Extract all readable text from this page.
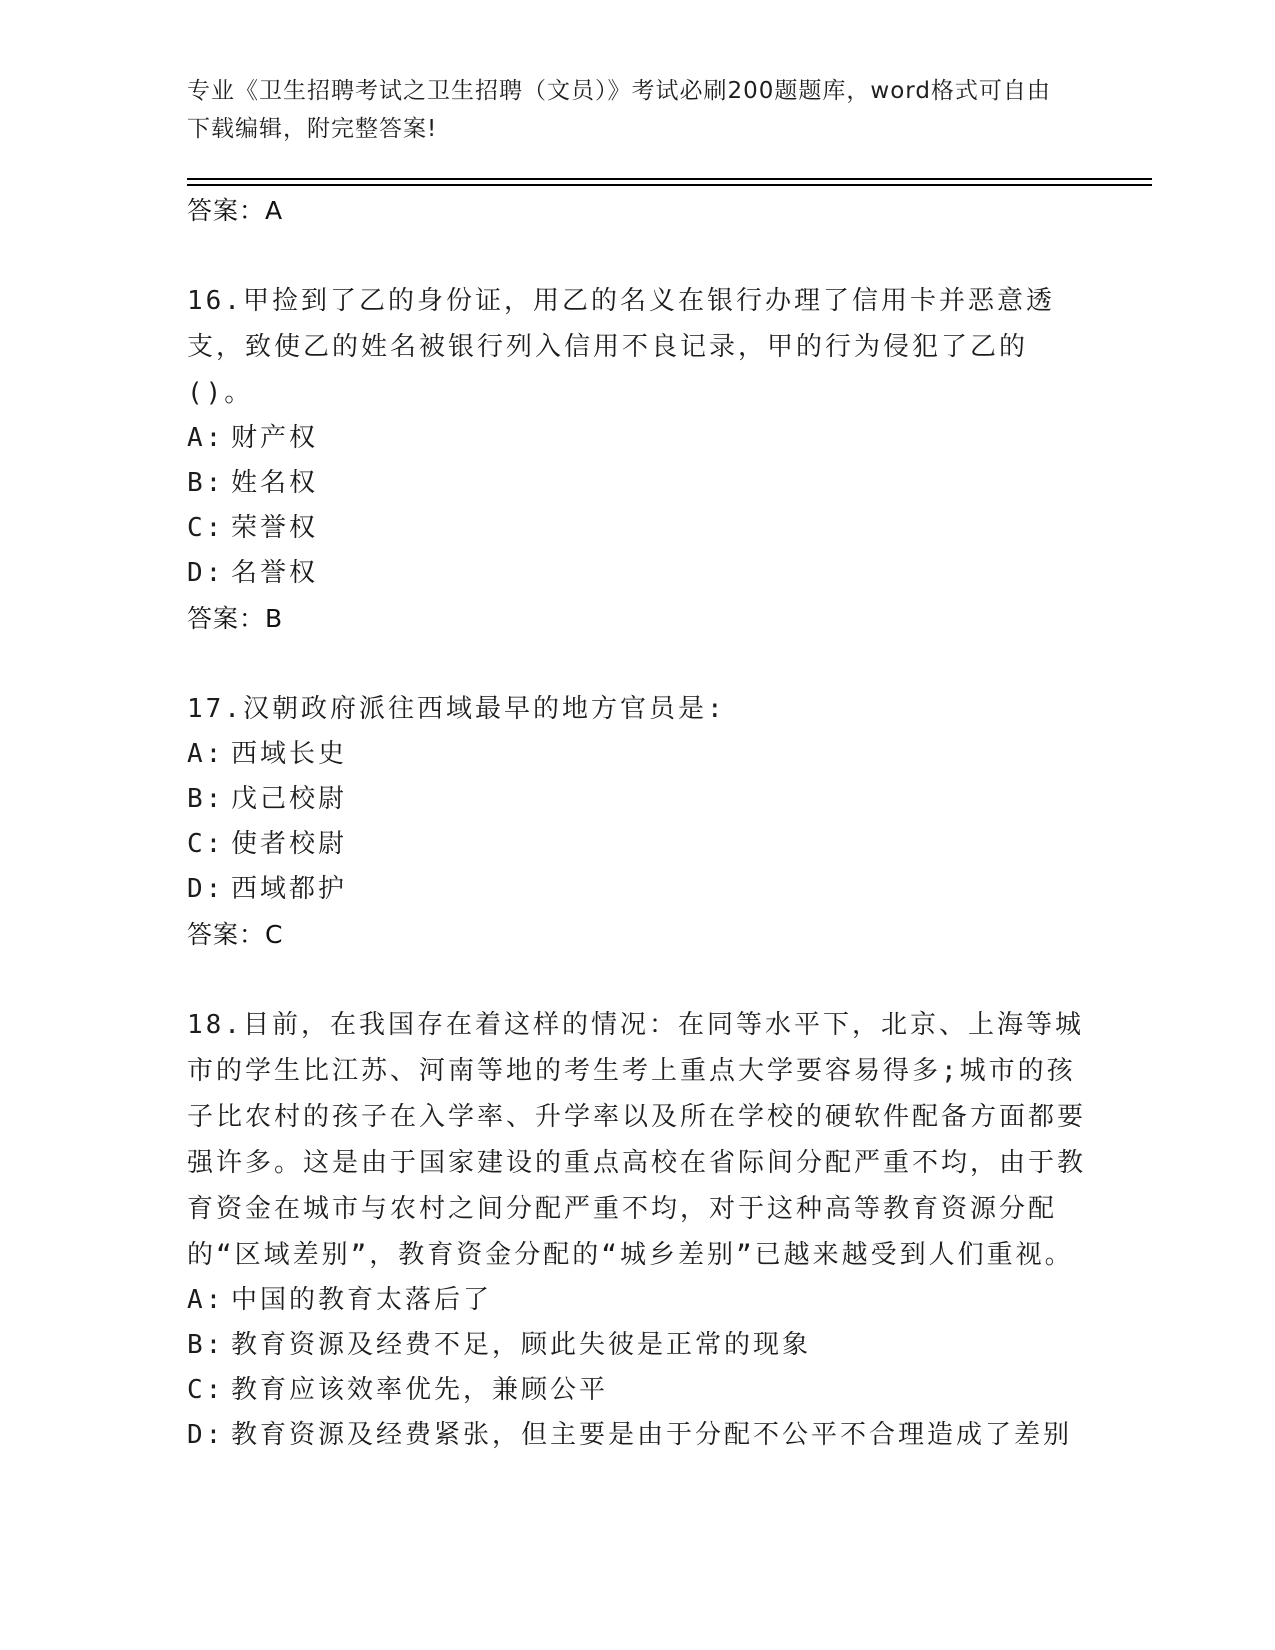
专业《卫生招聘考试之卫生招聘（文员）》考试必刷200题题库，word格式可自由下载编辑，附完整答案!
答案：A

16.甲捡到了乙的身份证，用乙的名义在银行办理了信用卡并恶意透支，致使乙的姓名被银行列入信用不良记录，甲的行为侵犯了乙的()。

A: 财产权
B: 姓名权
C: 荣誉权
D: 名誉权
答案：B

17.汉朝政府派往西域最早的地方官员是:

A: 西域长史
B: 戊己校尉
C: 使者校尉
D: 西域都护
答案：C

18.目前，在我国存在着这样的情况：在同等水平下，北京、上海等城市的学生比江苏、河南等地的考生考上重点大学要容易得多;城市的孩子比农村的孩子在入学率、升学率以及所在学校的硬软件配备方面都要强许多。这是由于国家建设的重点高校在省际间分配严重不均，由于教育资金在城市与农村之间分配严重不均，对于这种高等教育资源分配的“区域差别”，教育资金分配的“城乡差别”已越来越受到人们重视。

A: 中国的教育太落后了
B: 教育资源及经费不足，顾此失彼是正常的现象
C: 教育应该效率优先，兼顾公平
D: 教育资源及经费紧张，但主要是由于分配不公平不合理造成了差别
